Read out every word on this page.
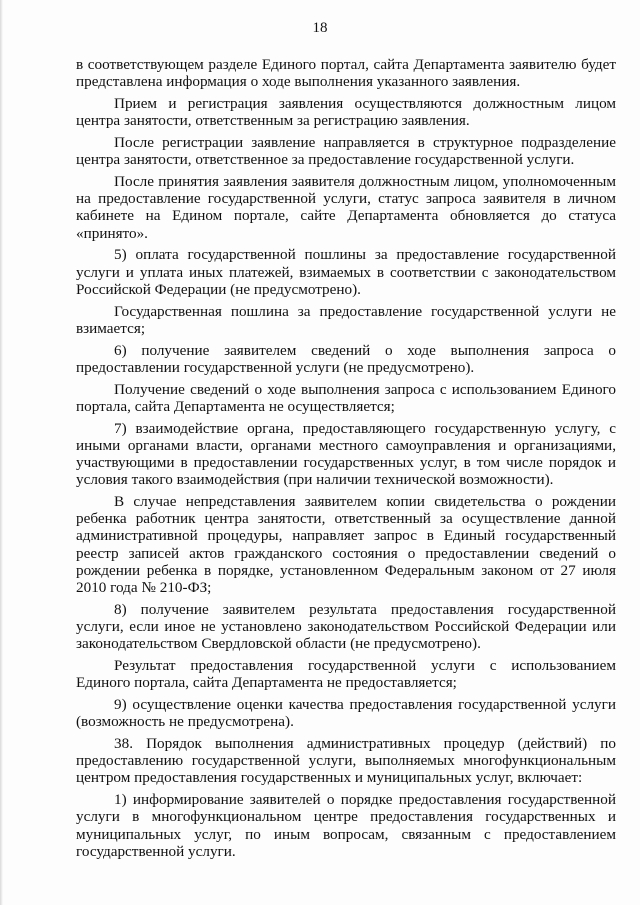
18

в соответствующем разделе Единого портал, сайта Департамента заявителю будет представлена информация о ходе выполнения указанного заявления.

Прием и регистрация заявления осуществляются должностным лицом центра занятости, ответственным за регистрацию заявления.

После регистрации заявление направляется в структурное подразделение центра занятости, ответственное за предоставление государственной услуги.

После принятия заявления заявителя должностным лицом, уполномоченным на предоставление государственной услуги, статус запроса заявителя в личном кабинете на Едином портале, сайте Департамента обновляется до статуса «принято».

5) оплата государственной пошлины за предоставление государственной услуги и уплата иных платежей, взимаемых в соответствии с законодательством Российской Федерации (не предусмотрено).

Государственная пошлина за предоставление государственной услуги не взимается;

6) получение заявителем сведений о ходе выполнения запроса о предоставлении государственной услуги (не предусмотрено).

Получение сведений о ходе выполнения запроса с использованием Единого портала, сайта Департамента не осуществляется;

7) взаимодействие органа, предоставляющего государственную услугу, с иными органами власти, органами местного самоуправления и организациями, участвующими в предоставлении государственных услуг, в том числе порядок и условия такого взаимодействия (при наличии технической возможности).

В случае непредставления заявителем копии свидетельства о рождении ребенка работник центра занятости, ответственный за осуществление данной административной процедуры, направляет запрос в Единый государственный реестр записей актов гражданского состояния о предоставлении сведений о рождении ребенка в порядке, установленном Федеральным законом от 27 июля 2010 года № 210-ФЗ;

8) получение заявителем результата предоставления государственной услуги, если иное не установлено законодательством Российской Федерации или законодательством Свердловской области (не предусмотрено).

Результат предоставления государственной услуги с использованием Единого портала, сайта Департамента не предоставляется;

9) осуществление оценки качества предоставления государственной услуги (возможность не предусмотрена).

38. Порядок выполнения административных процедур (действий) по предоставлению государственной услуги, выполняемых многофункциональным центром предоставления государственных и муниципальных услуг, включает:

1) информирование заявителей о порядке предоставления государственной услуги в многофункциональном центре предоставления государственных и муниципальных услуг, по иным вопросам, связанным с предоставлением государственной услуги.
